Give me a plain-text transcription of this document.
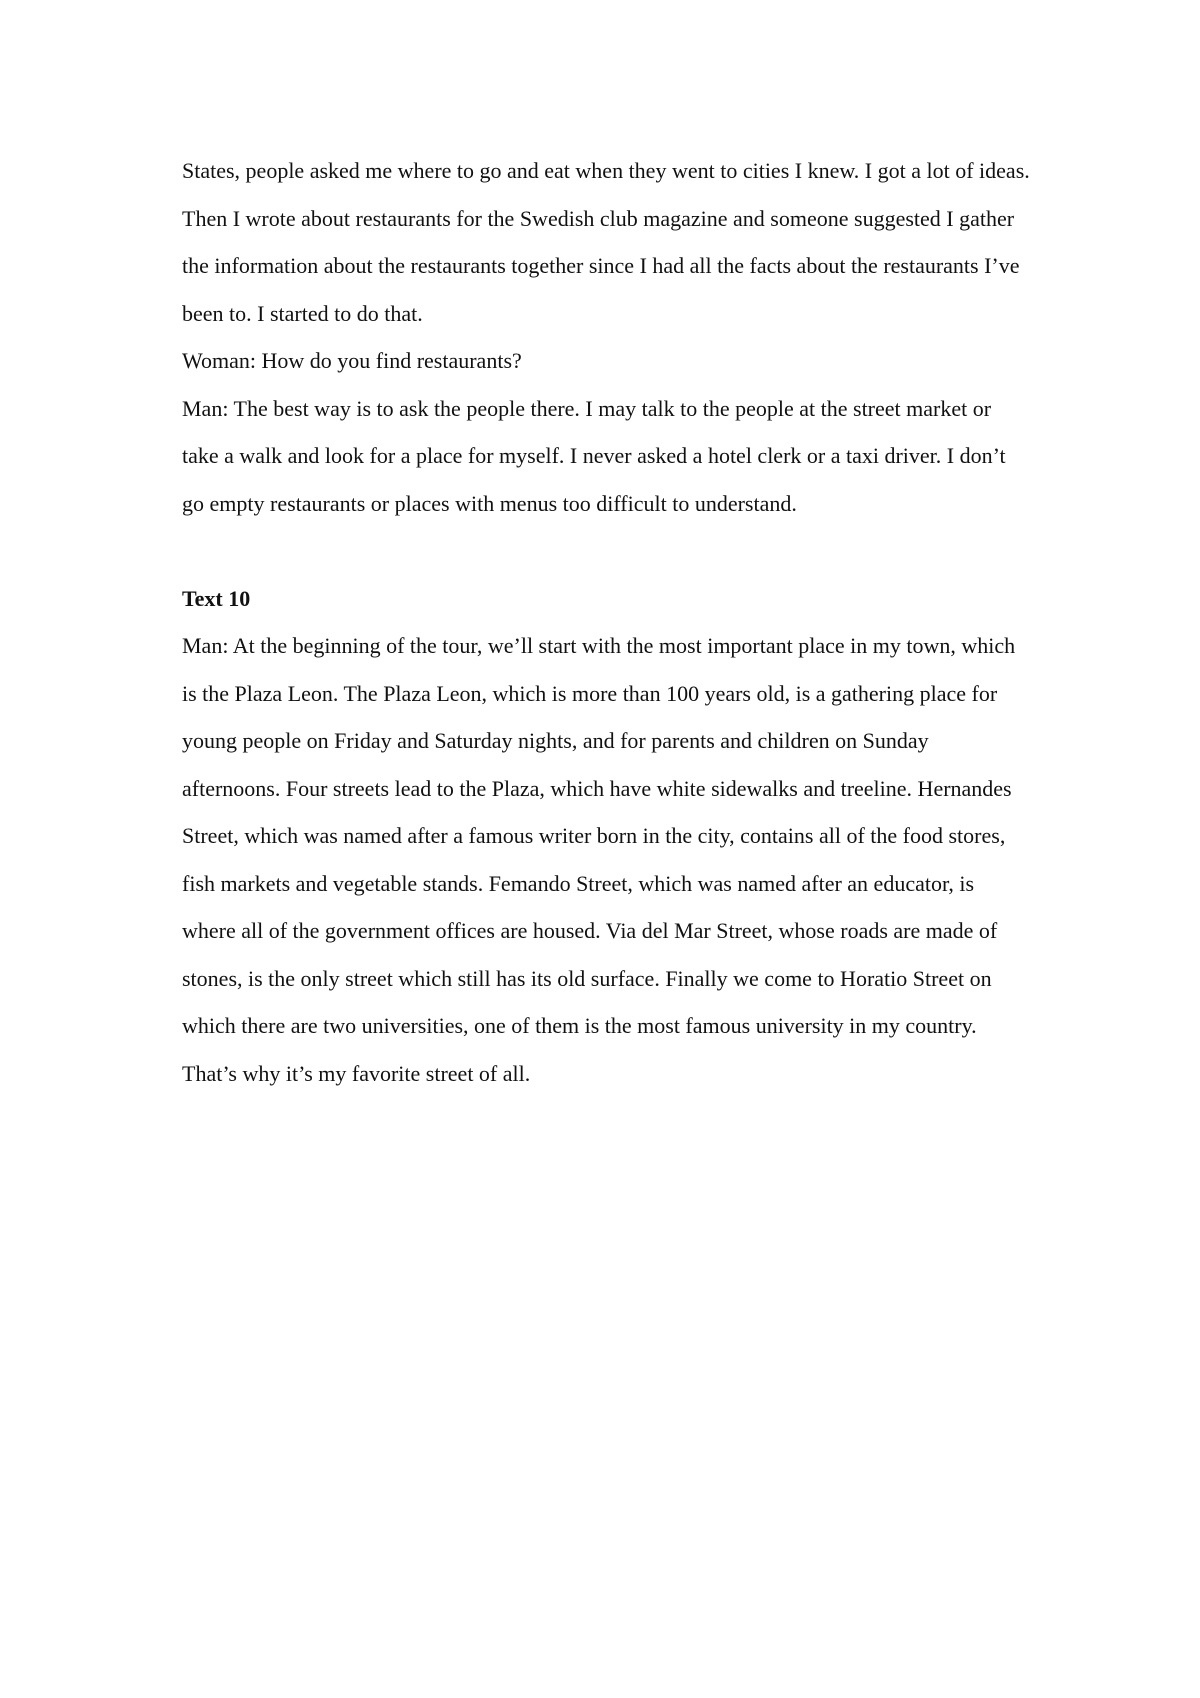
States, people asked me where to go and eat when they went to cities I knew. I got a lot of ideas. Then I wrote about restaurants for the Swedish club magazine and someone suggested I gather the information about the restaurants together since I had all the facts about the restaurants I’ve been to. I started to do that.

Woman: How do you find restaurants?

Man: The best way is to ask the people there. I may talk to the people at the street market or take a walk and look for a place for myself. I never asked a hotel clerk or a taxi driver. I don’t go empty restaurants or places with menus too difficult to understand.

Text 10

Man: At the beginning of the tour, we’ll start with the most important place in my town, which is the Plaza Leon. The Plaza Leon, which is more than 100 years old, is a gathering place for young people on Friday and Saturday nights, and for parents and children on Sunday afternoons. Four streets lead to the Plaza, which have white sidewalks and treeline. Hernandes Street, which was named after a famous writer born in the city, contains all of the food stores, fish markets and vegetable stands. Femando Street, which was named after an educator, is where all of the government offices are housed. Via del Mar Street, whose roads are made of stones, is the only street which still has its old surface. Finally we come to Horatio Street on which there are two universities, one of them is the most famous university in my country. That’s why it’s my favorite street of all.
